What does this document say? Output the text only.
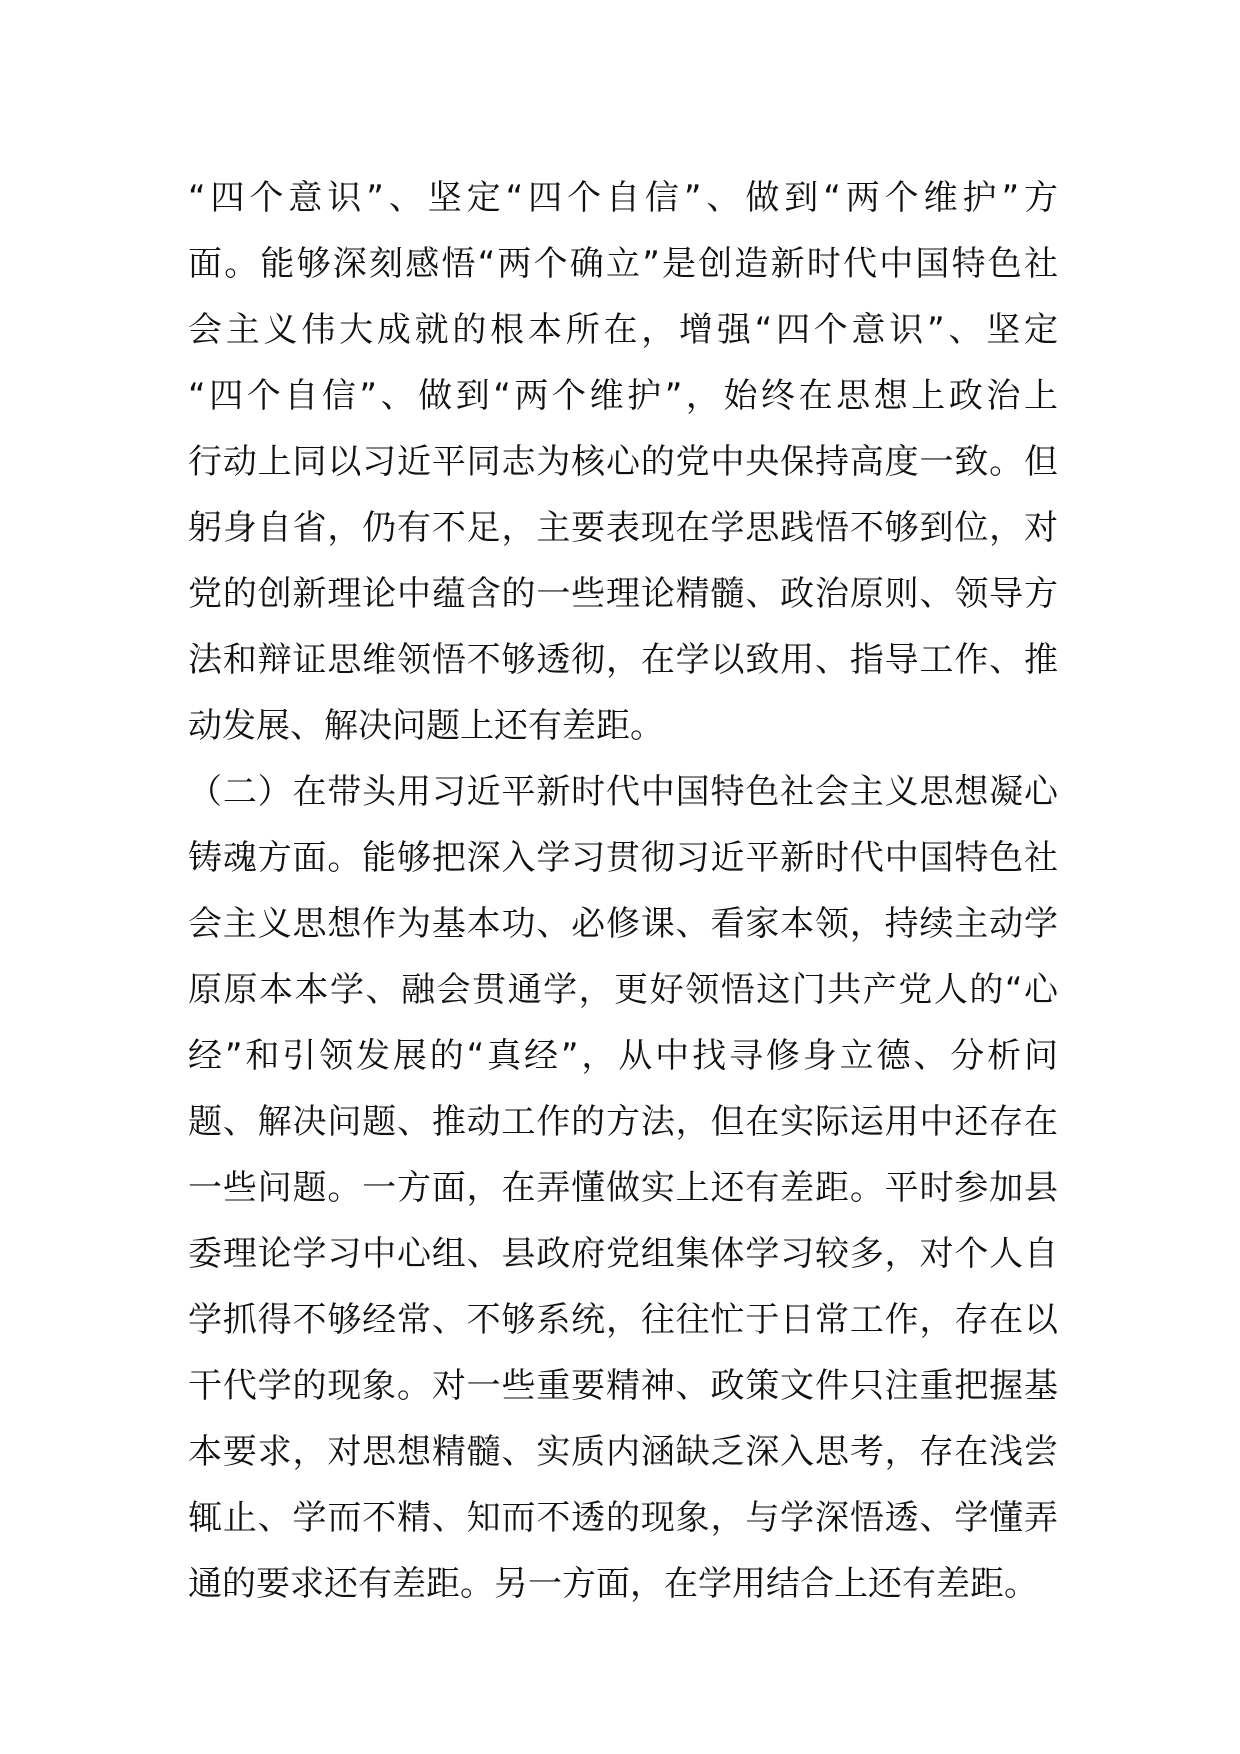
“四个意识”、坚定“四个自信”、做到“两个维护”方
面。能够深刻感悟“两个确立”是创造新时代中国特色社
会主义伟大成就的根本所在，增强“四个意识”、坚定
“四个自信”、做到“两个维护”，始终在思想上政治上
行动上同以习近平同志为核心的党中央保持高度一致。但
躬身自省，仍有不足，主要表现在学思践悟不够到位，对
党的创新理论中蕴含的一些理论精髓、政治原则、领导方
法和辩证思维领悟不够透彻，在学以致用、指导工作、推
动发展、解决问题上还有差距。
（二）在带头用习近平新时代中国特色社会主义思想凝心
铸魂方面。能够把深入学习贯彻习近平新时代中国特色社
会主义思想作为基本功、必修课、看家本领，持续主动学
原原本本学、融会贯通学，更好领悟这门共产党人的“心
经”和引领发展的“真经”，从中找寻修身立德、分析问
题、解决问题、推动工作的方法，但在实际运用中还存在
一些问题。一方面，在弄懂做实上还有差距。平时参加县
委理论学习中心组、县政府党组集体学习较多，对个人自
学抓得不够经常、不够系统，往往忙于日常工作，存在以
干代学的现象。对一些重要精神、政策文件只注重把握基
本要求，对思想精髓、实质内涵缺乏深入思考，存在浅尝
辄止、学而不精、知而不透的现象，与学深悟透、学懂弄
通的要求还有差距。另一方面，在学用结合上还有差距。
